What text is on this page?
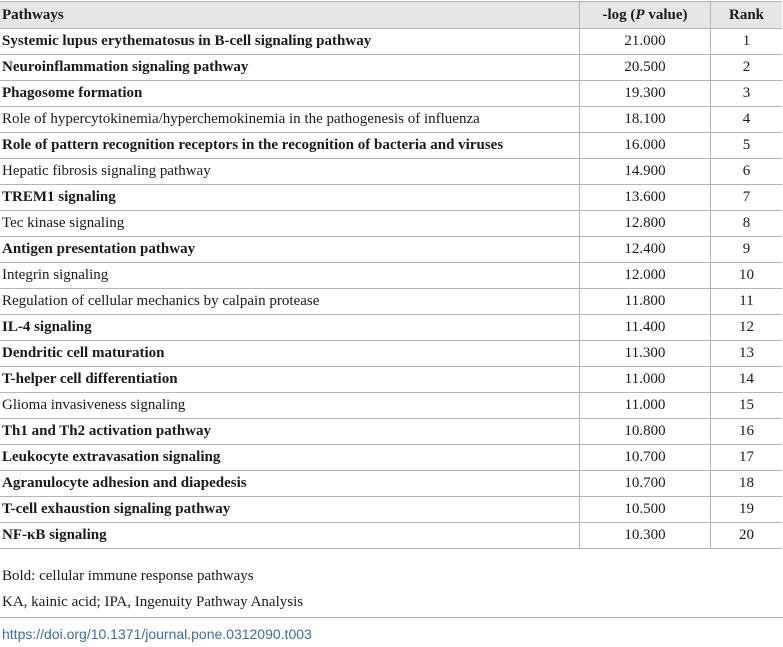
Pathways	-log (P value)	Rank
Systemic lupus erythematosus in B-cell signaling pathway	21.000	1
Neuroinflammation signaling pathway	20.500	2
Phagosome formation	19.300	3
Role of hypercytokinemia/hyperchemokinemia in the pathogenesis of influenza	18.100	4
Role of pattern recognition receptors in the recognition of bacteria and viruses	16.000	5
Hepatic fibrosis signaling pathway	14.900	6
TREM1 signaling	13.600	7
Tec kinase signaling	12.800	8
Antigen presentation pathway	12.400	9
Integrin signaling	12.000	10
Regulation of cellular mechanics by calpain protease	11.800	11
IL-4 signaling	11.400	12
Dendritic cell maturation	11.300	13
T-helper cell differentiation	11.000	14
Glioma invasiveness signaling	11.000	15
Th1 and Th2 activation pathway	10.800	16
Leukocyte extravasation signaling	10.700	17
Agranulocyte adhesion and diapedesis	10.700	18
T-cell exhaustion signaling pathway	10.500	19
NF-κB signaling	10.300	20
Bold: cellular immune response pathways
KA, kainic acid; IPA, Ingenuity Pathway Analysis
https://doi.org/10.1371/journal.pone.0312090.t003
